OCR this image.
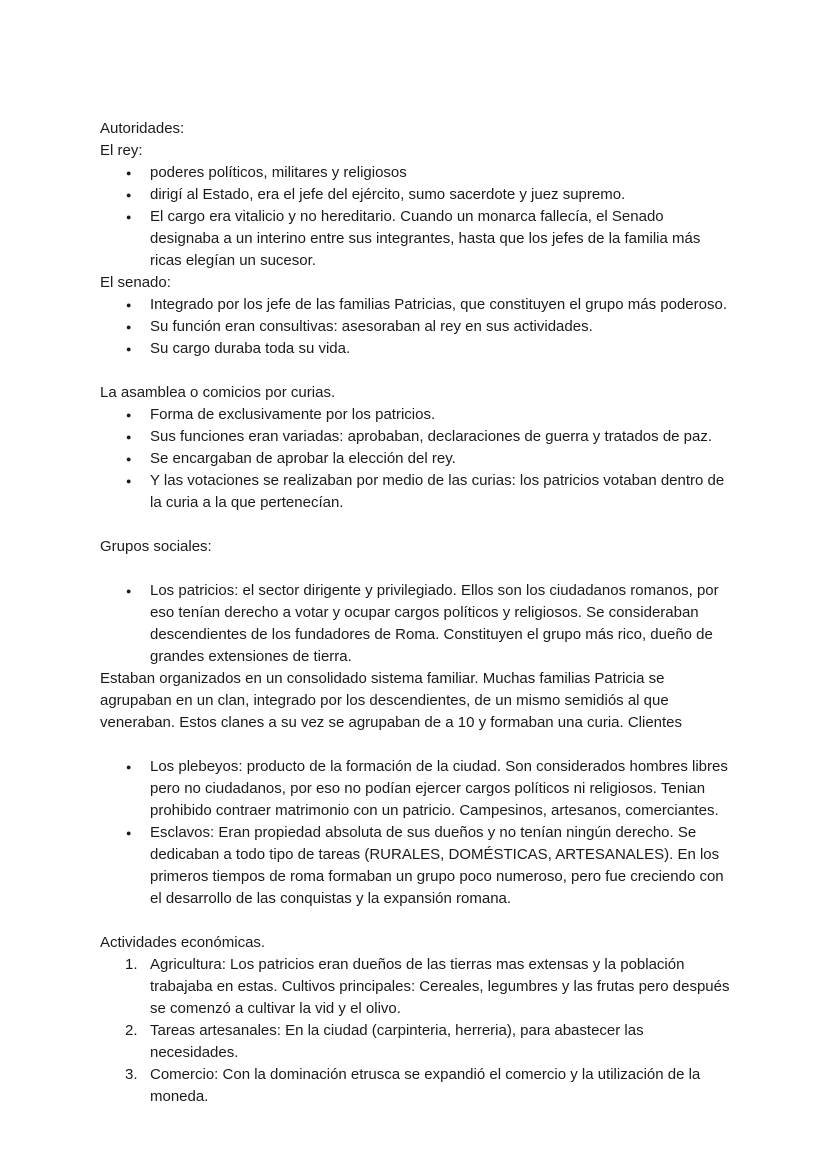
Autoridades:

El rey:

● poderes políticos, militares y religiosos
● dirigí al Estado, era el jefe del ejército, sumo sacerdote y juez supremo.
● El cargo era vitalicio y no hereditario. Cuando un monarca fallecía, el Senado designaba a un interino entre sus integrantes, hasta que los jefes de la familia más ricas elegían un sucesor.

El senado:

● Integrado por los jefe de las familias Patricias, que constituyen el grupo más poderoso.
● Su función eran consultivas: asesoraban al rey en sus actividades.
● Su cargo duraba toda su vida.

La asamblea o comicios por curias.

● Forma de exclusivamente por los patricios.
● Sus funciones eran variadas: aprobaban, declaraciones de guerra y tratados de paz.
● Se encargaban de aprobar la elección del rey.
● Y las votaciones se realizaban por medio de las curias: los patricios votaban dentro de la curia a la que pertenecían.

Grupos sociales:

● Los patricios: el sector dirigente y privilegiado. Ellos son los ciudadanos romanos, por eso tenían derecho a votar y ocupar cargos políticos y religiosos. Se consideraban descendientes de los fundadores de Roma. Constituyen el grupo más rico, dueño de grandes extensiones de tierra.

Estaban organizados en un consolidado sistema familiar. Muchas familias Patricia se agrupaban en un clan, integrado por los descendientes, de un mismo semidiós al que veneraban. Estos clanes a su vez se agrupaban de a 10 y formaban una curia. Clientes

● Los plebeyos: producto de la formación de la ciudad. Son considerados hombres libres pero no ciudadanos, por eso no podían ejercer cargos políticos ni religiosos. Tenian prohibido contraer matrimonio con un patricio. Campesinos, artesanos, comerciantes.
● Esclavos: Eran propiedad absoluta de sus dueños y no tenían ningún derecho. Se dedicaban a todo tipo de tareas (RURALES, DOMÉSTICAS, ARTESANALES). En los primeros tiempos de roma formaban un grupo poco numeroso, pero fue creciendo con el desarrollo de las conquistas y la expansión romana.

Actividades económicas.

Agricultura: Los patricios eran dueños de las tierras mas extensas y la población trabajaba en estas. Cultivos principales: Cereales, legumbres y las frutas pero después se comenzó a cultivar la vid y el olivo.
Tareas artesanales: En la ciudad (carpinteria, herreria), para abastecer las necesidades.
Comercio: Con la dominación etrusca se expandió el comercio y la utilización de la moneda.
